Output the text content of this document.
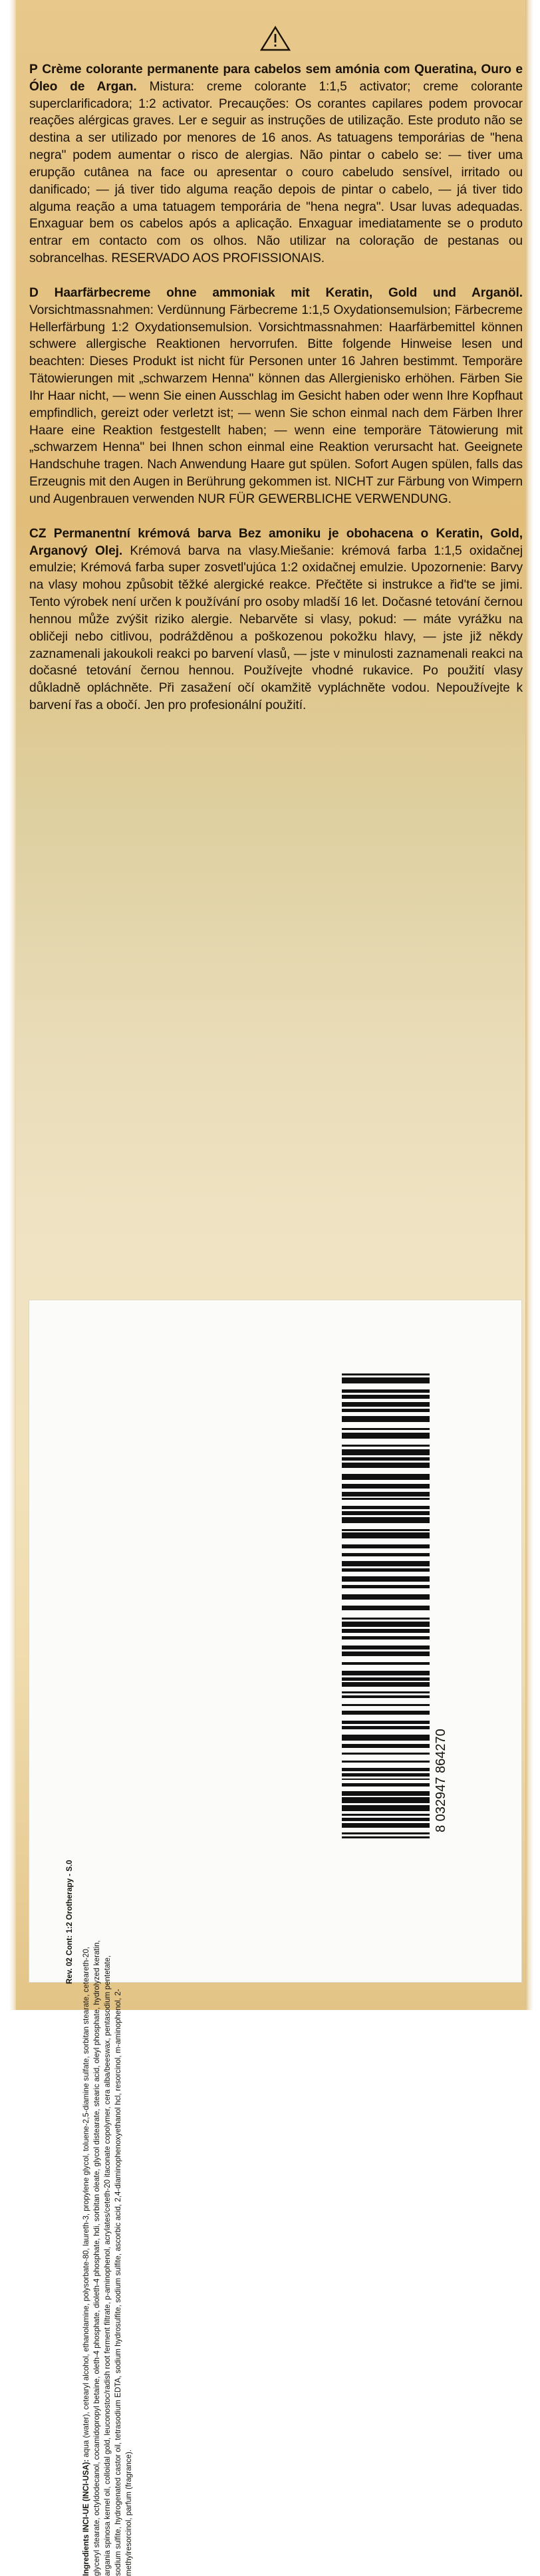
P Crème colorante permanente para cabelos sem amónia com Queratina, Ouro e Óleo de Argan. Mistura: creme colorante 1:1,5 activator; creme colorante superclarificadora; 1:2 activator. Precauções: Os corantes capilares podem provocar reações alérgicas graves. Ler e seguir as instruções de utilização. Este produto não se destina a ser utilizado por menores de 16 anos. As tatuagens temporárias de "hena negra" podem aumentar o risco de alergias. Não pintar o cabelo se: — tiver uma erupção cutânea na face ou apresentar o couro cabeludo sensível, irritado ou danificado; — já tiver tido alguma reação depois de pintar o cabelo, — já tiver tido alguma reação a uma tatuagem temporária de "hena negra". Usar luvas adequadas. Enxaguar bem os cabelos após a aplicação. Enxaguar imediatamente se o produto entrar em contacto com os olhos. Não utilizar na coloração de pestanas ou sobrancelhas. RESERVADO AOS PROFISSIONAIS.

D Haarfärbecreme ohne ammoniak mit Keratin, Gold und Arganöl. Vorsichtmassnahmen: Verdünnung Färbecreme 1:1,5 Oxydationsemulsion; Färbecreme Hellerfärbung 1:2 Oxydationsemulsion. Vorsichtmassnahmen: Haarfärbemittel können schwere allergische Reaktionen hervorrufen. Bitte folgende Hinweise lesen und beachten: Dieses Produkt ist nicht für Personen unter 16 Jahren bestimmt. Temporäre Tätowierungen mit „schwarzem Henna" können das Allergienisko erhöhen. Färben Sie Ihr Haar nicht, — wenn Sie einen Ausschlag im Gesicht haben oder wenn Ihre Kopfhaut empfindlich, gereizt oder verletzt ist; — wenn Sie schon einmal nach dem Färben Ihrer Haare eine Reaktion festgestellt haben; — wenn eine temporäre Tätowierung mit „schwarzem Henna" bei Ihnen schon einmal eine Reaktion verursacht hat. Geeignete Handschuhe tragen. Nach Anwendung Haare gut spülen. Sofort Augen spülen, falls das Erzeugnis mit den Augen in Berührung gekommen ist. NICHT zur Färbung von Wimpern und Augenbrauen verwenden NUR FÜR GEWERBLICHE VERWENDUNG.

CZ Permanentní krémová barva Bez amoniku je obohacena o Keratin, Gold, Arganový Olej. Krémová barva na vlasy.Miešanie: krémová farba 1:1,5 oxidačnej emulzie; Krémová farba super zosvetl'ujúca 1:2 oxidačnej emulzie. Upozornenie: Barvy na vlasy mohou způsobit těžké alergické reakce. Přečtěte si instrukce a řid'te se jimi. Tento výrobek není určen k používání pro osoby mladší 16 let. Dočasné tetování černou hennou může zvýšit riziko alergie. Nebarvěte si vlasy, pokud: — máte vyrážku na obličeji nebo citlivou, podrážděnou a poškozenou pokožku hlavy, — jste již někdy zaznamenali jakoukoli reakci po barvení vlasů, — jste v minulosti zaznamenali reakci na dočasné tetování černou hennou. Používejte vhodné rukavice. Po použití vlasy důkladně opláchněte. Při zasažení očí okamžitě vypláchněte vodou. Nepoužívejte k barvení řas a obočí. Jen pro profesionální použití.

Rev. 02 Cont: 1:2 Orotherapy - S.0
Ingredients INCI-UE (INCI-USA): aqua (water), cetearyl alcohol, ethanolamine, polysorbate-80, laureth-3, propylene glycol, toluene-2,5-diamine sulfate, sorbitan stearate, ceteareth-20, glyceryl stearate, octyldodecanol, cocamidopropyl betaine, oleth-4 phosphate, dioleth-4 phosphate, hdi, sorbitan oleate, glycol distearate, stearic acid, oleyl phosphate, hydrolyzed keratin, argania spinosa kernel oil, colloidal gold, leuconostoc/radish root ferment filtrate, p-aminophenol, acrylates/ceteth-20 itaconate copolymer, cera alba/beeswax, pentasodium pentetate, sodium sulfite, hydrogenated castor oil, tetrasodium EDTA, sodium hydrosulfite, sodium sulfite, ascorbic acid, 2,4-diaminophenoxyethanol hcl, resorcinol, m-aminophenol, 2-methylresorcinol, parfum (fragrance).
8 032947 864270
